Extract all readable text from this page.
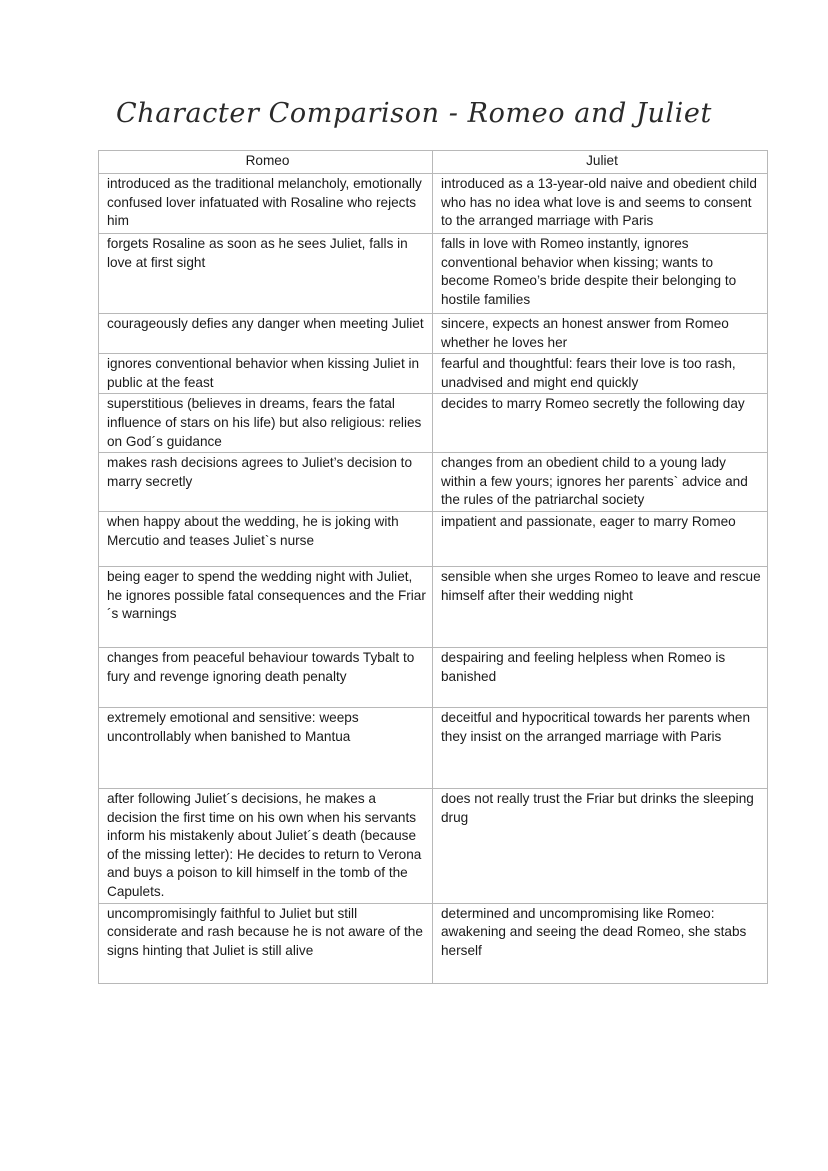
Character Comparison - Romeo and Juliet
Romeo	Juliet
introduced as the traditional melancholy, emotionally confused lover infatuated with Rosaline who rejects him	introduced as a 13-year-old naive and obedient child who has no idea what love is and seems to consent to the arranged marriage with Paris
forgets Rosaline as soon as he sees Juliet, falls in love at first sight	falls in love with Romeo instantly, ignores conventional behavior when kissing; wants to become Romeo’s bride despite their belonging to hostile families
courageously defies any danger when meeting Juliet	sincere, expects an honest answer from Romeo whether he loves her
ignores conventional behavior when kissing Juliet in public at the feast	fearful and thoughtful: fears their love is too rash, unadvised and might end quickly
superstitious (believes in dreams, fears the fatal influence of stars on his life) but also religious: relies on God´s guidance	decides to marry Romeo secretly the following day
makes rash decisions agrees to Juliet’s decision to marry secretly	changes from an obedient child to a young lady within a few yours; ignores her parents` advice and the rules of the patriarchal society
when happy about the wedding, he is joking with Mercutio and teases Juliet`s nurse	impatient and passionate, eager to marry Romeo
being eager to spend the wedding night with Juliet, he ignores possible fatal consequences and the Friar´s warnings	sensible when she urges Romeo to leave and rescue himself after their wedding night
changes from peaceful behaviour towards Tybalt to fury and revenge ignoring death penalty	despairing and feeling helpless when Romeo is banished
extremely emotional and sensitive: weeps uncontrollably when banished to Mantua	deceitful and hypocritical towards her parents when they insist on the arranged marriage with Paris
after following Juliet´s decisions, he makes a decision the first time on his own when his servants inform his mistakenly about Juliet´s death (because of the missing letter): He decides to return to Verona and buys a poison to kill himself in the tomb of the Capulets.	does not really trust the Friar but drinks the sleeping drug
uncompromisingly faithful to Juliet but still considerate and rash because he is not aware of the signs hinting that Juliet is still alive	determined and uncompromising like Romeo: awakening and seeing the dead Romeo, she stabs herself
